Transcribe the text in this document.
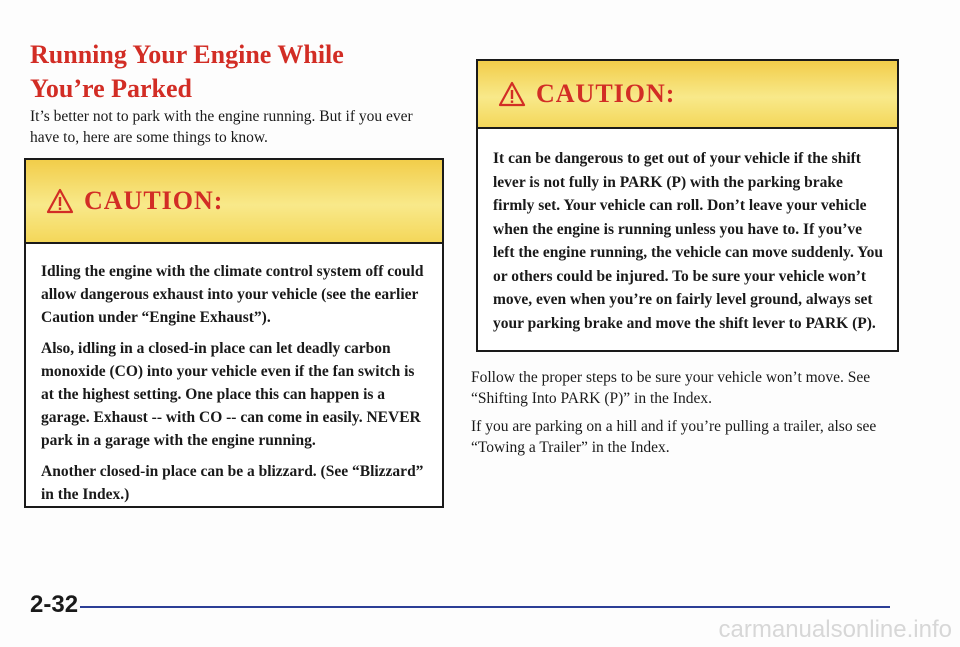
Running Your Engine While
You’re Parked

It’s better not to park with the engine running. But if you ever have to, here are some things to know.

CAUTION:

Idling the engine with the climate control system off could allow dangerous exhaust into your vehicle (see the earlier Caution under “Engine Exhaust”).

Also, idling in a closed-in place can let deadly carbon monoxide (CO) into your vehicle even if the fan switch is at the highest setting. One place this can happen is a garage. Exhaust -- with CO -- can come in easily. NEVER park in a garage with the engine running.

Another closed-in place can be a blizzard. (See “Blizzard” in the Index.)

CAUTION:

It can be dangerous to get out of your vehicle if the shift lever is not fully in PARK (P) with the parking brake firmly set. Your vehicle can roll. Don’t leave your vehicle when the engine is running unless you have to. If you’ve left the engine running, the vehicle can move suddenly. You or others could be injured. To be sure your vehicle won’t move, even when you’re on fairly level ground, always set your parking brake and move the shift lever to PARK (P).

Follow the proper steps to be sure your vehicle won’t move. See “Shifting Into PARK (P)” in the Index.

If you are parking on a hill and if you’re pulling a trailer, also see “Towing a Trailer” in the Index.

2-32

carmanualsonline.info
